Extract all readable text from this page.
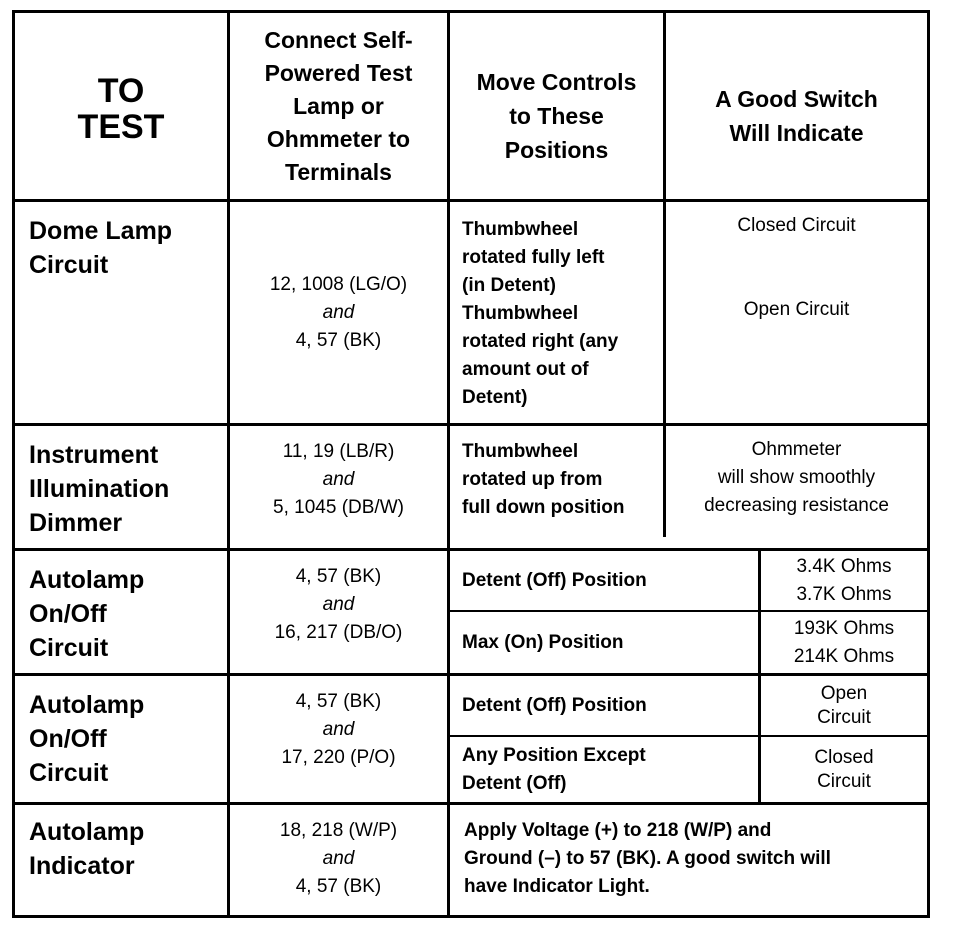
TO
TEST
Connect Self-
Powered Test
Lamp or
Ohmmeter to
Terminals
Move Controls
to These
Positions
A Good Switch
Will Indicate
Dome Lamp
Circuit
12, 1008 (LG/O)
and
4, 57 (BK)
Thumbwheel
rotated fully left
(in Detent)
Thumbwheel
rotated right (any
amount out of
Detent)
Closed Circuit
Open Circuit
Instrument
Illumination
Dimmer
11, 19 (LB/R)
and
5, 1045 (DB/W)
Thumbwheel
rotated up from
full down position
Ohmmeter
will show smoothly
decreasing resistance
Autolamp
On/Off
Circuit
4, 57 (BK)
and
16, 217 (DB/O)
Detent (Off) Position
3.4K Ohms
3.7K Ohms
Max (On) Position
193K Ohms
214K Ohms
Autolamp
On/Off
Circuit
4, 57 (BK)
and
17, 220 (P/O)
Detent (Off) Position
Open
Circuit
Any Position Except
Detent (Off)
Closed
Circuit
Autolamp
Indicator
18, 218 (W/P)
and
4, 57 (BK)
Apply Voltage (+) to 218 (W/P) and
Ground (–) to 57 (BK). A good switch will
have Indicator Light.
